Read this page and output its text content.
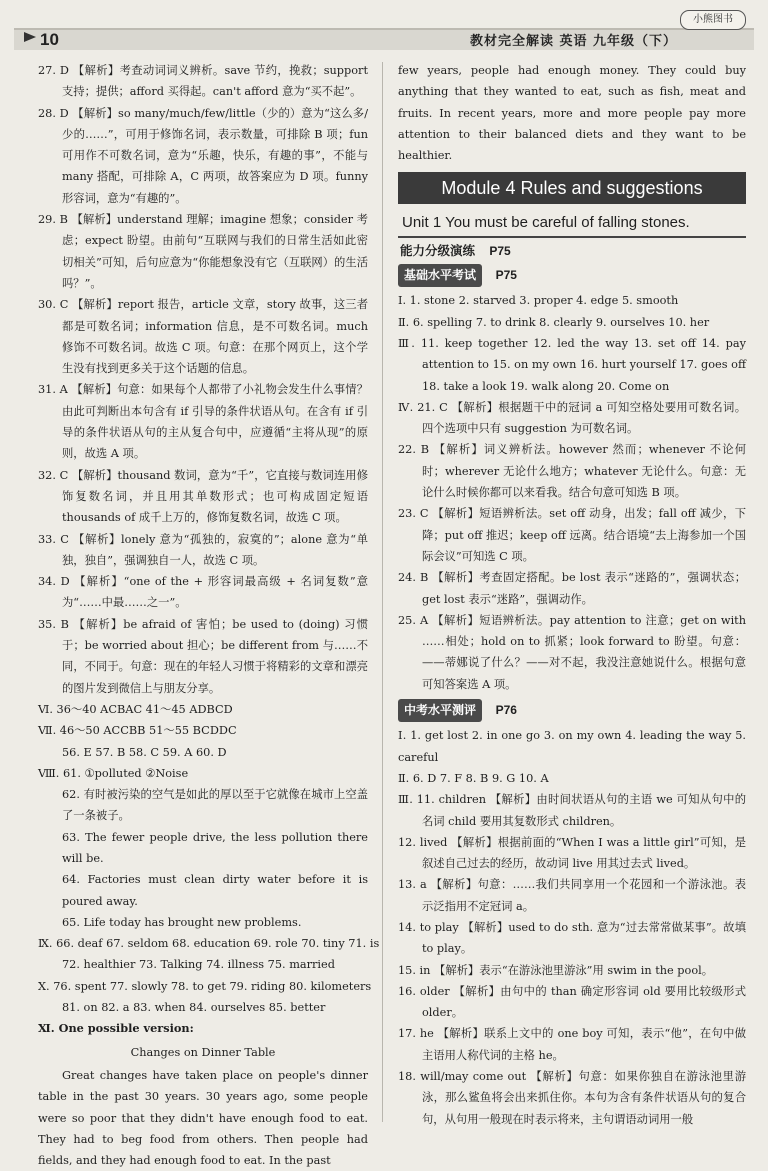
10	教材完全解读 英语 九年级（下）
小熊图书

27. D 【解析】考查动词词义辨析。save 节约，挽救；support 支持；提供；afford 买得起。can't afford 意为“买不起”。

28. D 【解析】so many/much/few/little（少的）意为“这么多/少的……”，可用于修饰名词，表示数量，可排除 B 项；fun 可用作不可数名词，意为“乐趣，快乐，有趣的事”，不能与 many 搭配，可排除 A，C 两项，故答案应为 D 项。funny 形容词，意为“有趣的”。

29. B 【解析】understand 理解；imagine 想象；consider 考虑；expect 盼望。由前句“互联网与我们的日常生活如此密切相关”可知，后句应意为“你能想象没有它（互联网）的生活吗？”。

30. C 【解析】report 报告，article 文章，story 故事，这三者都是可数名词；information 信息，是不可数名词。much 修饰不可数名词。故选 C 项。句意：在那个网页上，这个学生没有找到更多关于这个话题的信息。

31. A 【解析】句意：如果每个人都带了小礼物会发生什么事情？由此可判断出本句含有 if 引导的条件状语从句。在含有 if 引导的条件状语从句的主从复合句中，应遵循“主将从现”的原则，故选 A 项。

32. C 【解析】thousand 数词，意为“千”，它直接与数词连用修饰复数名词，并且用其单数形式；也可构成固定短语 thousands of 成千上万的，修饰复数名词，故选 C 项。

33. C 【解析】lonely 意为“孤独的，寂寞的”；alone 意为“单独，独自”，强调独自一人，故选 C 项。

34. D 【解析】“one of the + 形容词最高级 + 名词复数”意为“……中最……之一”。

35. B 【解析】be afraid of 害怕；be used to (doing) 习惯于；be worried about 担心；be different from 与……不同，不同于。句意：现在的年轻人习惯于将精彩的文章和漂亮的图片发到微信上与朋友分享。

Ⅵ. 36～40 ACBAC 41～45 ADBCD

Ⅶ. 46～50 ACCBB 51～55 BCDDC

56. E 57. B 58. C 59. A 60. D

Ⅷ. 61. ①polluted ②Noise

62. 有时被污染的空气是如此的厚以至于它就像在城市上空盖了一条被子。

63. The fewer people drive, the less pollution there will be.

64. Factories must clean dirty water before it is poured away.

65. Life today has brought new problems.

Ⅸ. 66. deaf 67. seldom 68. education 69. role 70. tiny 71. is

72. healthier 73. Talking 74. illness 75. married

Ⅹ. 76. spent 77. slowly 78. to get 79. riding 80. kilometers

81. on 82. a 83. when 84. ourselves 85. better

Ⅺ. One possible version:

Changes on Dinner Table

Great changes have taken place on people's dinner table in the past 30 years. 30 years ago, some people were so poor that they didn't have enough food to eat. They had to beg food from others. Then people had fields, and they had enough food to eat. In the past

few years, people had enough money. They could buy anything that they wanted to eat, such as fish, meat and fruits. In recent years, more and more people pay more attention to their balanced diets and they want to be healthier.

Module 4 Rules and suggestions
Unit 1 You must be careful of falling stones.
能力分级演练 P75
基础水平考试 P75

Ⅰ. 1. stone 2. starved 3. proper 4. edge 5. smooth

Ⅱ. 6. spelling 7. to drink 8. clearly 9. ourselves 10. her

Ⅲ. 11. keep together 12. led the way 13. set off 14. pay attention to 15. on my own 16. hurt yourself 17. goes off 18. take a look 19. walk along 20. Come on

Ⅳ. 21. C 【解析】根据题干中的冠词 a 可知空格处要用可数名词。四个选项中只有 suggestion 为可数名词。

22. B 【解析】词义辨析法。however 然而；whenever 不论何时；wherever 无论什么地方；whatever 无论什么。句意：无论什么时候你都可以来看我。结合句意可知选 B 项。

23. C 【解析】短语辨析法。set off 动身，出发；fall off 减少，下降；put off 推迟；keep off 远离。结合语境“去上海参加一个国际会议”可知选 C 项。

24. B 【解析】考查固定搭配。be lost 表示“迷路的”，强调状态；get lost 表示“迷路”，强调动作。

25. A 【解析】短语辨析法。pay attention to 注意；get on with ……相处；hold on to 抓紧；look forward to 盼望。句意：——蒂娜说了什么？——对不起，我没注意她说什么。根据句意可知答案选 A 项。

中考水平测评 P76

Ⅰ. 1. get lost 2. in one go 3. on my own 4. leading the way 5. careful

Ⅱ. 6. D 7. F 8. B 9. G 10. A

Ⅲ. 11. children 【解析】由时间状语从句的主语 we 可知从句中的名词 child 要用其复数形式 children。

12. lived 【解析】根据前面的“When I was a little girl”可知，是叙述自己过去的经历，故动词 live 用其过去式 lived。

13. a 【解析】句意：……我们共同享用一个花园和一个游泳池。表示泛指用不定冠词 a。

14. to play 【解析】used to do sth. 意为“过去常常做某事”。故填 to play。

15. in 【解析】表示“在游泳池里游泳”用 swim in the pool。

16. older 【解析】由句中的 than 确定形容词 old 要用比较级形式 older。

17. he 【解析】联系上文中的 one boy 可知，表示“他”，在句中做主语用人称代词的主格 he。

18. will/may come out 【解析】句意：如果你独自在游泳池里游泳，那么鲨鱼将会出来抓住你。本句为含有条件状语从句的复合句，从句用一般现在时表示将来，主句谓语动词用一般
